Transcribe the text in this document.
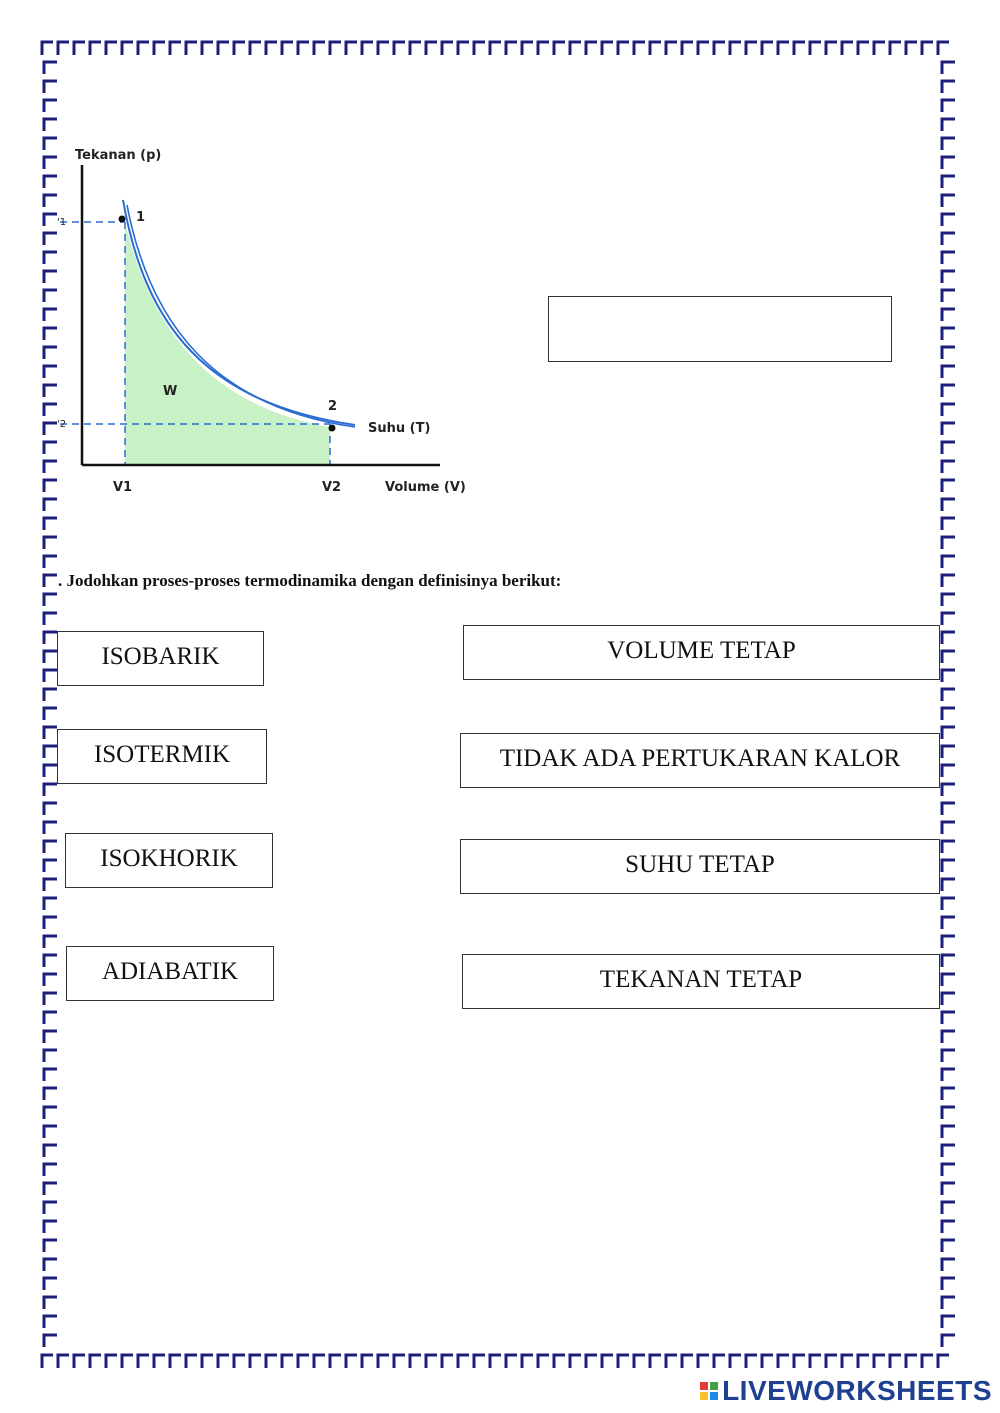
Tekanan (p)
Volume (V)
Suhu (T)
W
1
2
'1
'2
V1	V2
. Jodohkan proses-proses termodinamika dengan definisinya berikut:
ISOBARIK
ISOTERMIK
ISOKHORIK
ADIABATIK
VOLUME TETAP
TIDAK ADA PERTUKARAN KALOR
SUHU TETAP
TEKANAN TETAP
LIVEWORKSHEETS
